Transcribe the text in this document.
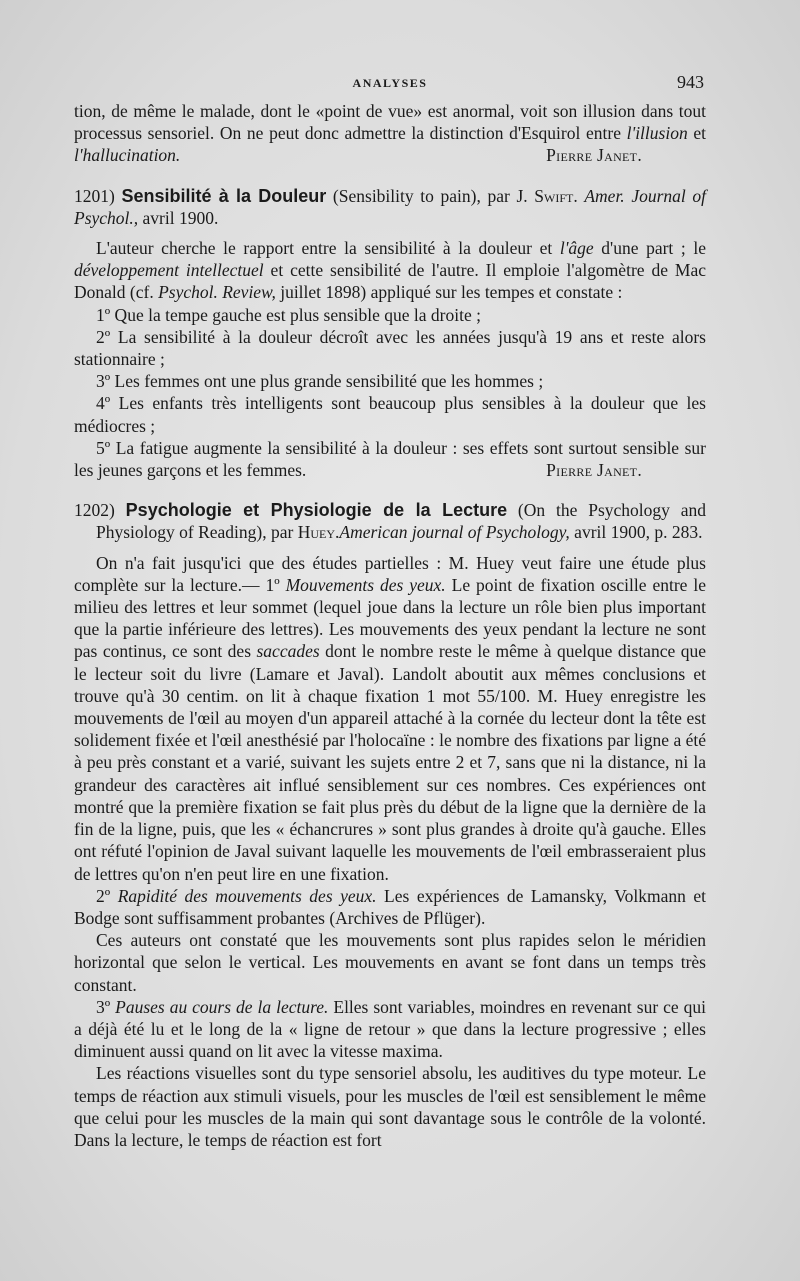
ANALYSES	943

tion, de même le malade, dont le «point de vue» est anormal, voit son illusion dans tout processus sensoriel. On ne peut donc admettre la distinction d'Esquirol entre l'illusion et l'hallucination.	Pierre Janet.

1201) Sensibilité à la Douleur (Sensibility to pain), par J. Swift. Amer. Journal of Psychol., avril 1900.

L'auteur cherche le rapport entre la sensibilité à la douleur et l'âge d'une part ; le développement intellectuel et cette sensibilité de l'autre. Il emploie l'algomètre de Mac Donald (cf. Psychol. Review, juillet 1898) appliqué sur les tempes et constate :

1º Que la tempe gauche est plus sensible que la droite ;

2º La sensibilité à la douleur décroît avec les années jusqu'à 19 ans et reste alors stationnaire ;

3º Les femmes ont une plus grande sensibilité que les hommes ;

4º Les enfants très intelligents sont beaucoup plus sensibles à la douleur que les médiocres ;

5º La fatigue augmente la sensibilité à la douleur : ses effets sont surtout sensible sur les jeunes garçons et les femmes.	Pierre Janet.

1202) Psychologie et Physiologie de la Lecture (On the Psychology and Physiology of Reading), par Huey.American journal of Psychology, avril 1900, p. 283.

On n'a fait jusqu'ici que des études partielles : M. Huey veut faire une étude plus complète sur la lecture.— 1º Mouvements des yeux. Le point de fixation oscille entre le milieu des lettres et leur sommet (lequel joue dans la lecture un rôle bien plus important que la partie inférieure des lettres). Les mouvements des yeux pendant la lecture ne sont pas continus, ce sont des saccades dont le nombre reste le même à quelque distance que le lecteur soit du livre (Lamare et Javal). Landolt aboutit aux mêmes conclusions et trouve qu'à 30 centim. on lit à chaque fixation 1 mot 55/100. M. Huey enregistre les mouvements de l'œil au moyen d'un appareil attaché à la cornée du lecteur dont la tête est solidement fixée et l'œil anesthésié par l'holocaïne : le nombre des fixations par ligne a été à peu près constant et a varié, suivant les sujets entre 2 et 7, sans que ni la distance, ni la grandeur des caractères ait influé sensiblement sur ces nombres. Ces expériences ont montré que la première fixation se fait plus près du début de la ligne que la dernière de la fin de la ligne, puis, que les « échancrures » sont plus grandes à droite qu'à gauche. Elles ont réfuté l'opinion de Javal suivant laquelle les mouvements de l'œil embrasseraient plus de lettres qu'on n'en peut lire en une fixation.

2º Rapidité des mouvements des yeux. Les expériences de Lamansky, Volkmann et Bodge sont suffisamment probantes (Archives de Pflüger).

Ces auteurs ont constaté que les mouvements sont plus rapides selon le méridien horizontal que selon le vertical. Les mouvements en avant se font dans un temps très constant.

3º Pauses au cours de la lecture. Elles sont variables, moindres en revenant sur ce qui a déjà été lu et le long de la « ligne de retour » que dans la lecture progressive ; elles diminuent aussi quand on lit avec la vitesse maxima.

Les réactions visuelles sont du type sensoriel absolu, les auditives du type moteur. Le temps de réaction aux stimuli visuels, pour les muscles de l'œil est sensiblement le même que celui pour les muscles de la main qui sont davantage sous le contrôle de la volonté. Dans la lecture, le temps de réaction est fort
